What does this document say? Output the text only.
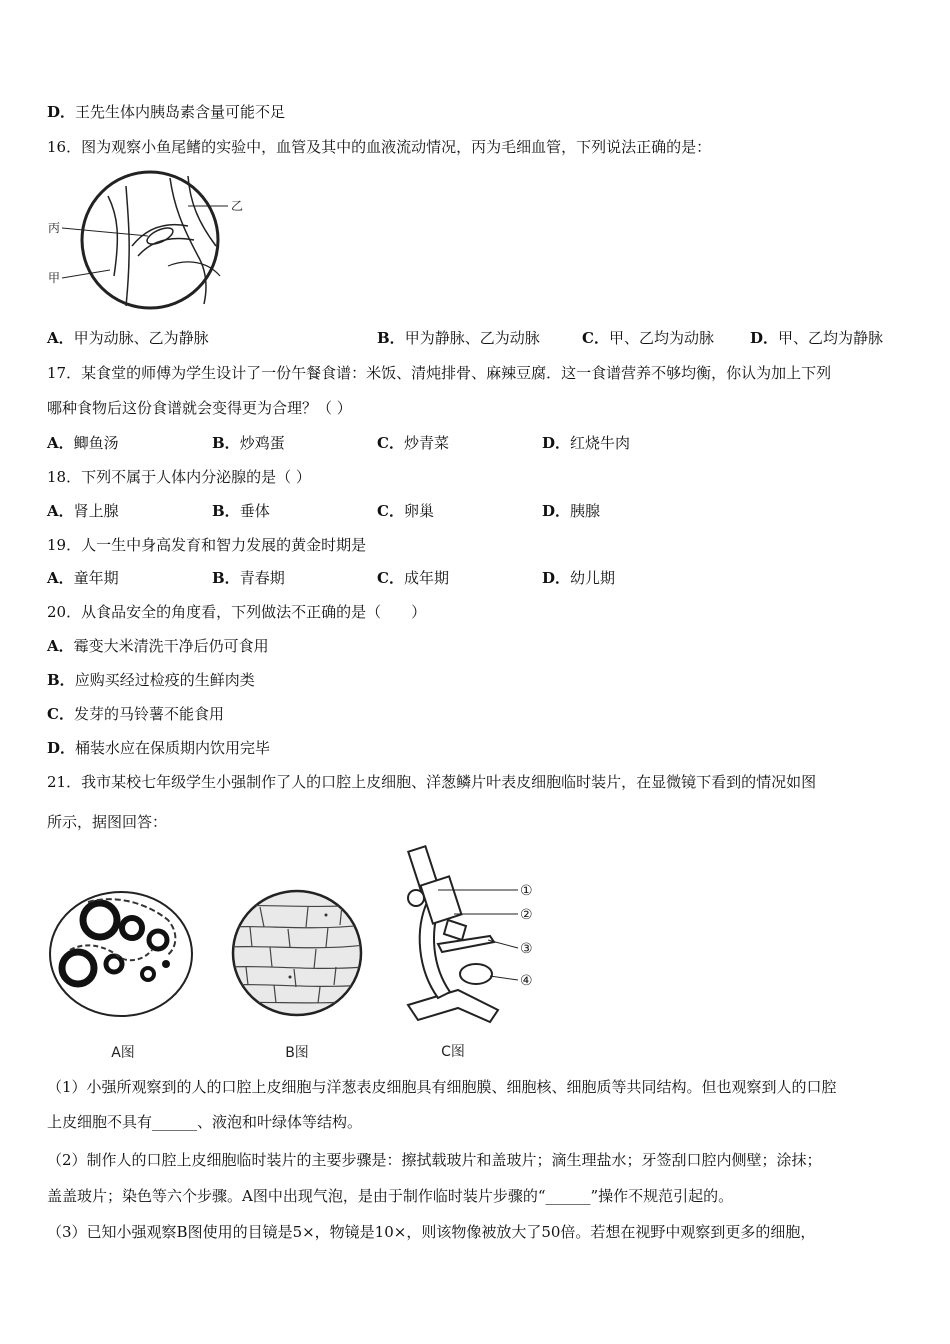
D．王先生体内胰岛素含量可能不足
16．图为观察小鱼尾鳍的实验中，血管及其中的血液流动情况，丙为毛细血管，下列说法正确的是：
乙
丙
甲
A．甲为动脉、乙为静脉	B．甲为静脉、乙为动脉	C．甲、乙均为动脉 D．甲、乙均为静脉
17．某食堂的师傅为学生设计了一份午餐食谱：米饭、清炖排骨、麻辣豆腐．这一食谱营养不够均衡，你认为加上下列
哪种食物后这份食谱就会变得更为合理？（ ）
A．鲫鱼汤	B．炒鸡蛋	C．炒青菜	D．红烧牛肉
18．下列不属于人体内分泌腺的是（ ）
A．肾上腺	B．垂体	C．卵巢	D．胰腺
19．人一生中身高发育和智力发展的黄金时期是
A．童年期	B．青春期	C．成年期	D．幼儿期
20．从食品安全的角度看，下列做法不正确的是（　　）
A．霉变大米清洗干净后仍可食用
B．应购买经过检疫的生鲜肉类
C．发芽的马铃薯不能食用
D．桶装水应在保质期内饮用完毕
21．我市某校七年级学生小强制作了人的口腔上皮细胞、洋葱鳞片叶表皮细胞临时装片，在显微镜下看到的情况如图
所示，据图回答：
A图	B图
①
②
③
④
C图
（1）小强所观察到的人的口腔上皮细胞与洋葱表皮细胞具有细胞膜、细胞核、细胞质等共同结构。但也观察到人的口腔
上皮细胞不具有______、液泡和叶绿体等结构。
（2）制作人的口腔上皮细胞临时装片的主要步骤是：擦拭载玻片和盖玻片；滴生理盐水；牙签刮口腔内侧壁；涂抹；
盖盖玻片；染色等六个步骤。A图中出现气泡，是由于制作临时装片步骤的“______”操作不规范引起的。
（3）已知小强观察B图使用的目镜是5×，物镜是10×，则该物像被放大了50倍。若想在视野中观察到更多的细胞，
